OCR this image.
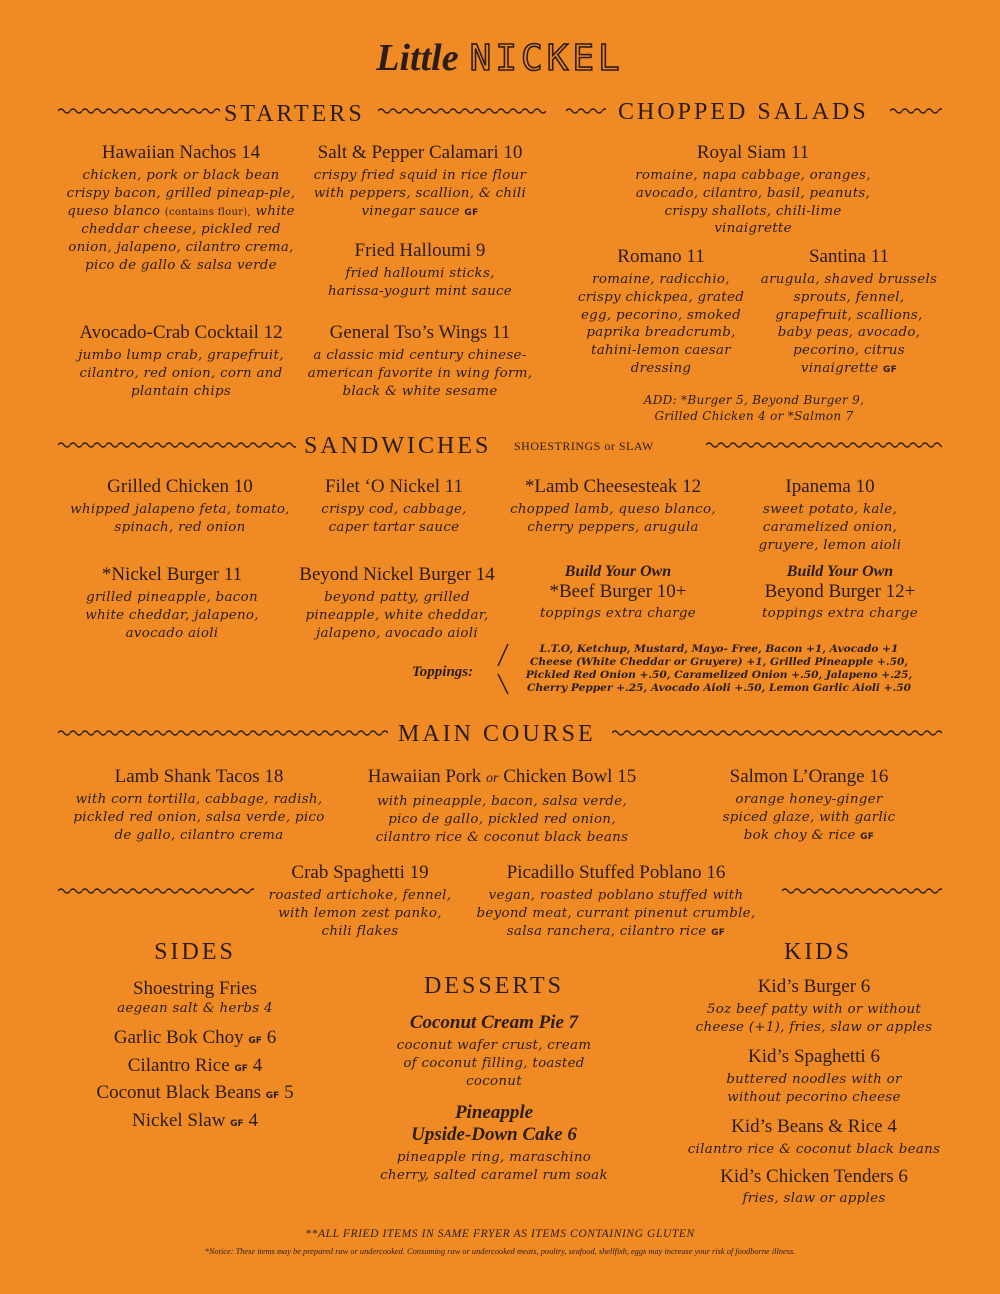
Little NICKEL
STARTERS	CHOPPED SALADS
Hawaiian Nachos 14
chicken, pork or black bean crispy bacon, grilled pineap-ple, queso blanco (contains flour), white cheddar cheese, pickled red onion, jalapeno, cilantro crema, pico de gallo & salsa verde
Salt & Pepper Calamari 10
crispy fried squid in rice flour with peppers, scallion, & chili vinegar sauce GF
Fried Halloumi 9
fried halloumi sticks, harissa-yogurt mint sauce
Avocado-Crab Cocktail 12
jumbo lump crab, grapefruit, cilantro, red onion, corn and plantain chips
General Tso’s Wings 11
a classic mid century chinese-american favorite in wing form, black & white sesame
Royal Siam 11
romaine, napa cabbage, oranges, avocado, cilantro, basil, peanuts, crispy shallots, chili-lime vinaigrette
Romano 11
romaine, radicchio, crispy chickpea, grated egg, pecorino, smoked paprika breadcrumb, tahini-lemon caesar dressing
Santina 11
arugula, shaved brussels sprouts, fennel, grapefruit, scallions, baby peas, avocado, pecorino, citrus vinaigrette GF
ADD: *Burger 5, Beyond Burger 9, Grilled Chicken 4 or *Salmon 7
SANDWICHES SHOESTRINGS or SLAW
Grilled Chicken 10
whipped jalapeno feta, tomato, spinach, red onion
Filet ‘O Nickel 11
crispy cod, cabbage, caper tartar sauce
*Lamb Cheesesteak 12
chopped lamb, queso blanco, cherry peppers, arugula
Ipanema 10
sweet potato, kale, caramelized onion, gruyere, lemon aioli
*Nickel Burger 11
grilled pineapple, bacon white cheddar, jalapeno, avocado aioli
Beyond Nickel Burger 14
beyond patty, grilled pineapple, white cheddar, jalapeno, avocado aioli
Build Your Own
*Beef Burger 10+
toppings extra charge
Build Your Own
Beyond Burger 12+
toppings extra charge
Toppings:
L.T.O, Ketchup, Mustard, Mayo- Free, Bacon +1, Avocado +1
Cheese (White Cheddar or Gruyere) +1, Grilled Pineapple +.50,
Pickled Red Onion +.50, Caramelized Onion +.50, Jalapeno +.25,
Cherry Pepper +.25, Avocado Aioli +.50, Lemon Garlic Aioli +.50
MAIN COURSE
Lamb Shank Tacos 18
with corn tortilla, cabbage, radish, pickled red onion, salsa verde, pico de gallo, cilantro crema
Hawaiian Pork or Chicken Bowl 15
with pineapple, bacon, salsa verde, pico de gallo, pickled red onion, cilantro rice & coconut black beans
Salmon L’Orange 16
orange honey-ginger spiced glaze, with garlic bok choy & rice GF
Crab Spaghetti 19
roasted artichoke, fennel, with lemon zest panko, chili flakes
Picadillo Stuffed Poblano 16
vegan, roasted poblano stuffed with beyond meat, currant pinenut crumble, salsa ranchera, cilantro rice GF
SIDES
Shoestring Fries
aegean salt & herbs 4
Garlic Bok Choy GF 6
Cilantro Rice GF 4
Coconut Black Beans GF 5
Nickel Slaw GF 4
DESSERTS
Coconut Cream Pie 7
coconut wafer crust, cream of coconut filling, toasted coconut
Pineapple
Upside-Down Cake 6
pineapple ring, maraschino cherry, salted caramel rum soak
KIDS
Kid’s Burger 6
5oz beef patty with or without cheese (+1), fries, slaw or apples
Kid’s Spaghetti 6
buttered noodles with or without pecorino cheese
Kid’s Beans & Rice 4
cilantro rice & coconut black beans
Kid’s Chicken Tenders 6
fries, slaw or apples
**ALL FRIED ITEMS IN SAME FRYER AS ITEMS CONTAINING GLUTEN
*Notice: These items may be prepared raw or undercooked. Consuming raw or undercooked meats, poultry, seafood, shellfish, eggs may increase your risk of foodborne illness.
